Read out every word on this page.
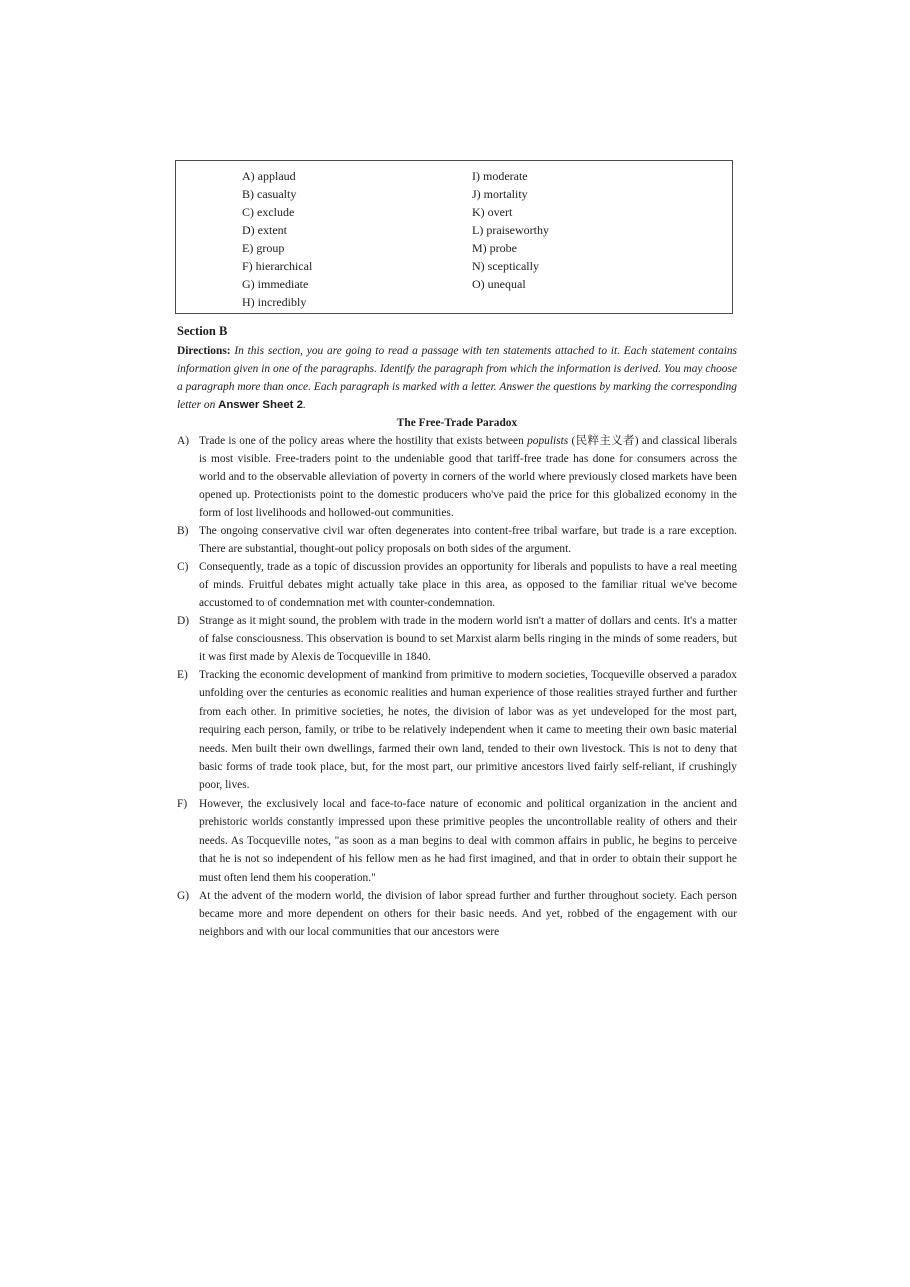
A) applaud
B) casualty
C) exclude
D) extent
E) group
F) hierarchical
G) immediate
H) incredibly
I) moderate
J) mortality
K) overt
L) praiseworthy
M) probe
N) sceptically
O) unequal
Section B

Directions: In this section, you are going to read a passage with ten statements attached to it. Each statement contains information given in one of the paragraphs. Identify the paragraph from which the information is derived. You may choose a paragraph more than once. Each paragraph is marked with a letter. Answer the questions by marking the corresponding letter on Answer Sheet 2.

The Free-Trade Paradox

A) Trade is one of the policy areas where the hostility that exists between populists (民粹主义者) and classical liberals is most visible. Free-traders point to the undeniable good that tariff-free trade has done for consumers across the world and to the observable alleviation of poverty in corners of the world where previously closed markets have been opened up. Protectionists point to the domestic producers who've paid the price for this globalized economy in the form of lost livelihoods and hollowed-out communities.

B) The ongoing conservative civil war often degenerates into content-free tribal warfare, but trade is a rare exception. There are substantial, thought-out policy proposals on both sides of the argument.

C) Consequently, trade as a topic of discussion provides an opportunity for liberals and populists to have a real meeting of minds. Fruitful debates might actually take place in this area, as opposed to the familiar ritual we've become accustomed to of condemnation met with counter-condemnation.

D) Strange as it might sound, the problem with trade in the modern world isn't a matter of dollars and cents. It's a matter of false consciousness. This observation is bound to set Marxist alarm bells ringing in the minds of some readers, but it was first made by Alexis de Tocqueville in 1840.

E) Tracking the economic development of mankind from primitive to modern societies, Tocqueville observed a paradox unfolding over the centuries as economic realities and human experience of those realities strayed further and further from each other. In primitive societies, he notes, the division of labor was as yet undeveloped for the most part, requiring each person, family, or tribe to be relatively independent when it came to meeting their own basic material needs. Men built their own dwellings, farmed their own land, tended to their own livestock. This is not to deny that basic forms of trade took place, but, for the most part, our primitive ancestors lived fairly self-reliant, if crushingly poor, lives.

F) However, the exclusively local and face-to-face nature of economic and political organization in the ancient and prehistoric worlds constantly impressed upon these primitive peoples the uncontrollable reality of others and their needs. As Tocqueville notes, "as soon as a man begins to deal with common affairs in public, he begins to perceive that he is not so independent of his fellow men as he had first imagined, and that in order to obtain their support he must often lend them his cooperation."

G) At the advent of the modern world, the division of labor spread further and further throughout society. Each person became more and more dependent on others for their basic needs. And yet, robbed of the engagement with our neighbors and with our local communities that our ancestors were
